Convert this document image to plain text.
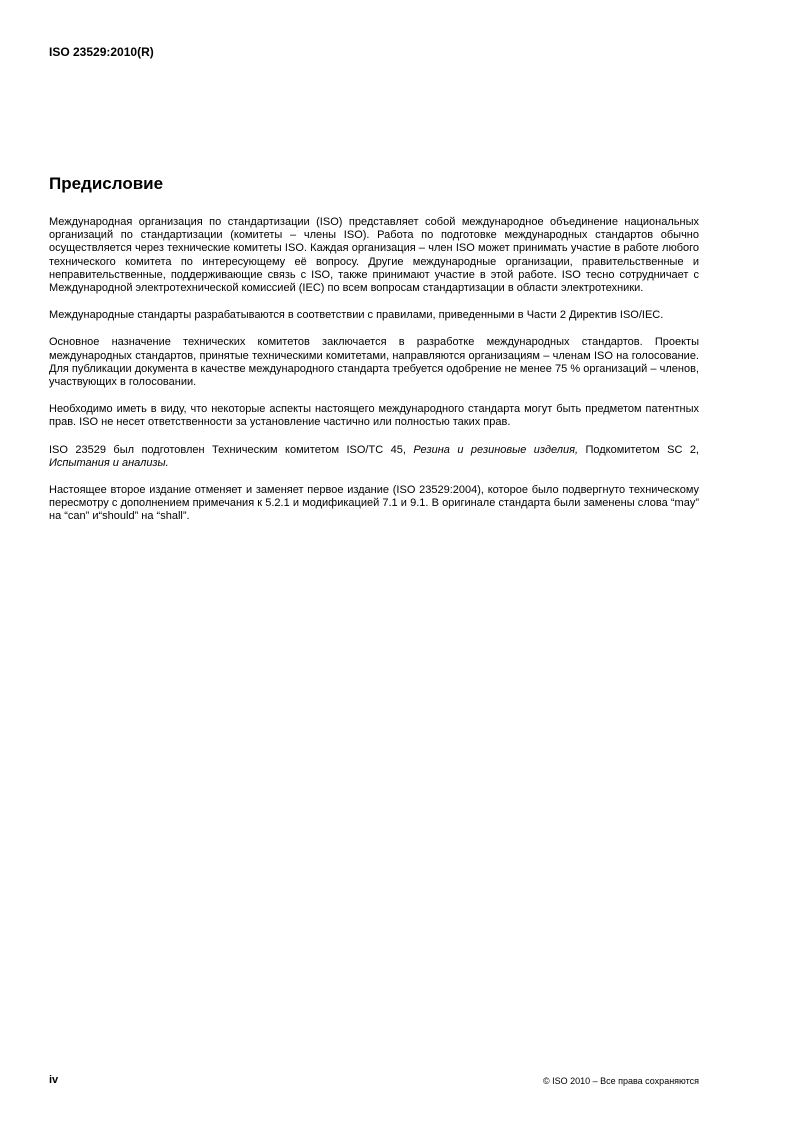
ISO 23529:2010(R)

Предисловие

Международная организация по стандартизации (ISO) представляет собой международное объединение национальных организаций по стандартизации (комитеты – члены ISO). Работа по подготовке международных стандартов обычно осуществляется через технические комитеты ISO. Каждая организация – член ISO может принимать участие в работе любого технического комитета по интересующему её вопросу. Другие международные организации, правительственные и неправительственные, поддерживающие связь с ISO, также принимают участие в этой работе. ISO тесно сотрудничает с Международной электротехнической комиссией (IEC) по всем вопросам стандартизации в области электротехники.

Международные стандарты разрабатываются в соответствии с правилами, приведенными в Части 2 Директив ISO/IEC.

Основное назначение технических комитетов заключается в разработке международных стандартов. Проекты международных стандартов, принятые техническими комитетами, направляются организациям – членам ISO на голосование. Для публикации документа в качестве международного стандарта требуется одобрение не менее 75 % организаций – членов, участвующих в голосовании.

Необходимо иметь в виду, что некоторые аспекты настоящего международного стандарта могут быть предметом патентных прав. ISO не несет ответственности за установление частично или полностью таких прав.

ISO 23529 был подготовлен Техническим комитетом ISO/TC 45, Резина и резиновые изделия, Подкомитетом SC 2, Испытания и анализы.

Настоящее второе издание отменяет и заменяет первое издание (ISO 23529:2004), которое было подвергнуто техническому пересмотру с дополнением примечания к 5.2.1 и модификацией 7.1 и 9.1. В оригинале стандарта были заменены слова “may” на “can” и“should” на “shall”.

iv	© ISO 2010 – Все права сохраняются
